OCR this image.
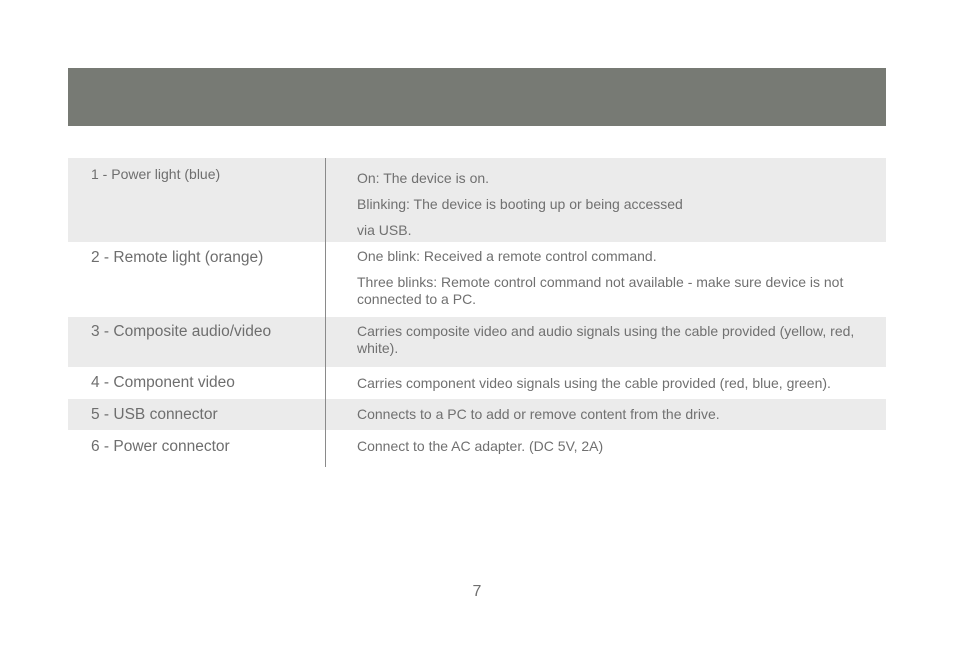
1 - Power light (blue)	On: The device is on.

Blinking: The device is booting up or being accessed

via USB.

2 - Remote light (orange)	One blink: Received a remote control command.

Three blinks: Remote control command not available - make sure device is not connected to a PC.

3 - Composite audio/video	Carries composite video and audio signals using the cable provided (yellow, red, white).

4 - Component video	Carries component video signals using the cable provided (red, blue, green).

5 - USB connector	Connects to a PC to add or remove content from the drive.

6 - Power connector	Connect to the AC adapter. (DC 5V, 2A)

7
